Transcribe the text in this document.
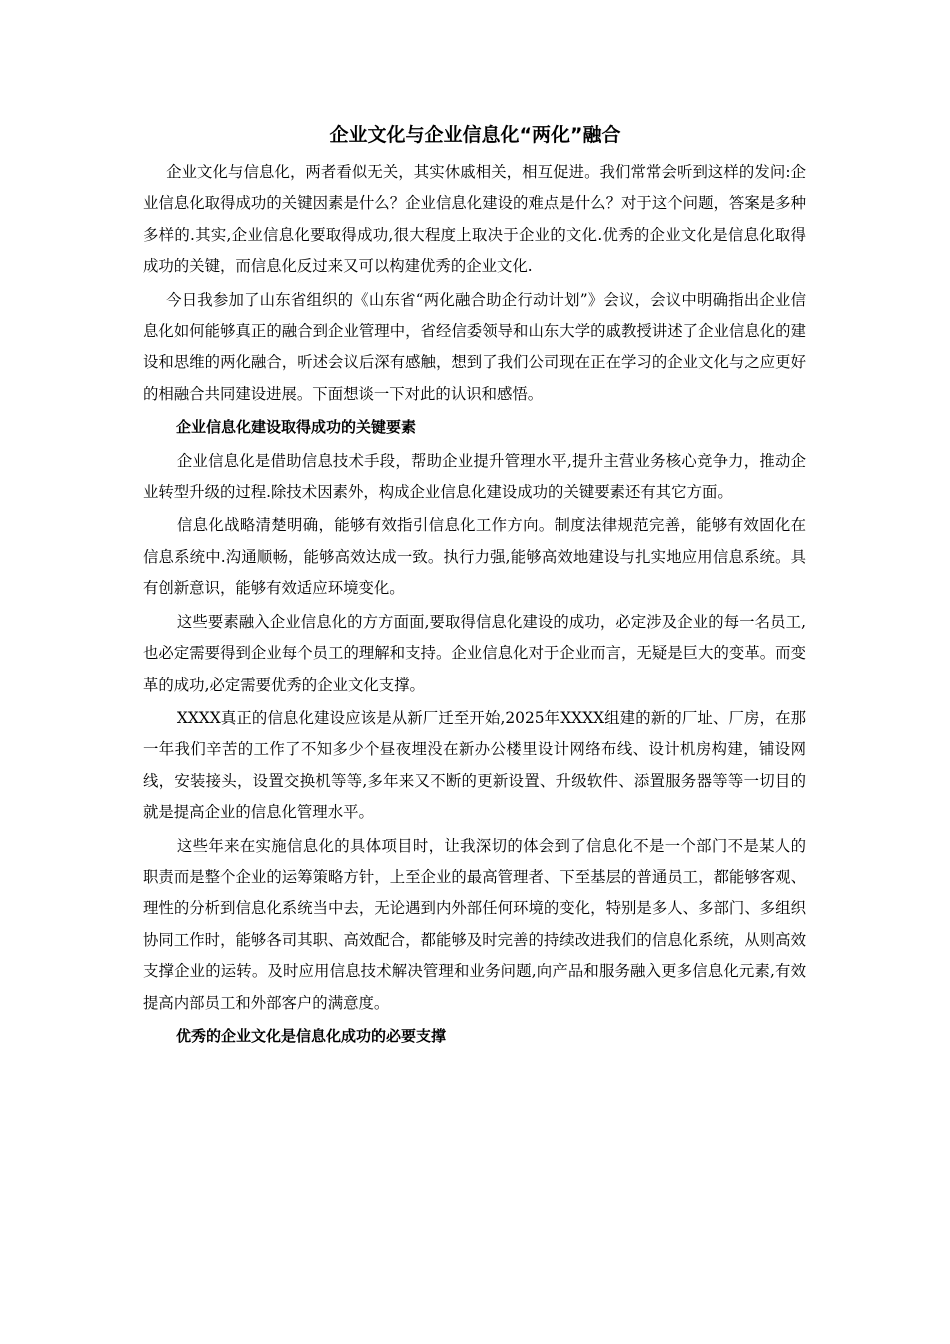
企业文化与企业信息化“两化”融合

企业文化与信息化，两者看似无关，其实休戚相关，相互促进。我们常常会听到这样的发问:企业信息化取得成功的关键因素是什么？企业信息化建设的难点是什么？对于这个问题，答案是多种多样的.其实,企业信息化要取得成功,很大程度上取决于企业的文化.优秀的企业文化是信息化取得成功的关键，而信息化反过来又可以构建优秀的企业文化.

今日我参加了山东省组织的《山东省“两化融合助企行动计划”》会议，会议中明确指出企业信息化如何能够真正的融合到企业管理中，省经信委领导和山东大学的戚教授讲述了企业信息化的建设和思维的两化融合，听述会议后深有感触，想到了我们公司现在正在学习的企业文化与之应更好的相融合共同建设进展。下面想谈一下对此的认识和感悟。

企业信息化建设取得成功的关键要素

企业信息化是借助信息技术手段，帮助企业提升管理水平,提升主营业务核心竞争力，推动企业转型升级的过程.除技术因素外，构成企业信息化建设成功的关键要素还有其它方面。

信息化战略清楚明确，能够有效指引信息化工作方向。制度法律规范完善，能够有效固化在信息系统中.沟通顺畅，能够高效达成一致。执行力强,能够高效地建设与扎实地应用信息系统。具有创新意识，能够有效适应环境变化。

这些要素融入企业信息化的方方面面,要取得信息化建设的成功，必定涉及企业的每一名员工,也必定需要得到企业每个员工的理解和支持。企业信息化对于企业而言，无疑是巨大的变革。而变革的成功,必定需要优秀的企业文化支撑。

XXXX真正的信息化建设应该是从新厂迁至开始,2025年XXXX组建的新的厂址、厂房，在那一年我们辛苦的工作了不知多少个昼夜埋没在新办公楼里设计网络布线、设计机房构建，铺设网线，安装接头，设置交换机等等,多年来又不断的更新设置、升级软件、添置服务器等等一切目的就是提高企业的信息化管理水平。

这些年来在实施信息化的具体项目时，让我深切的体会到了信息化不是一个部门不是某人的职责而是整个企业的运筹策略方针，上至企业的最高管理者、下至基层的普通员工，都能够客观、理性的分析到信息化系统当中去，无论遇到内外部任何环境的变化，特别是多人、多部门、多组织协同工作时，能够各司其职、高效配合，都能够及时完善的持续改进我们的信息化系统，从则高效支撑企业的运转。及时应用信息技术解决管理和业务问题,向产品和服务融入更多信息化元素,有效提高内部员工和外部客户的满意度。

优秀的企业文化是信息化成功的必要支撑
